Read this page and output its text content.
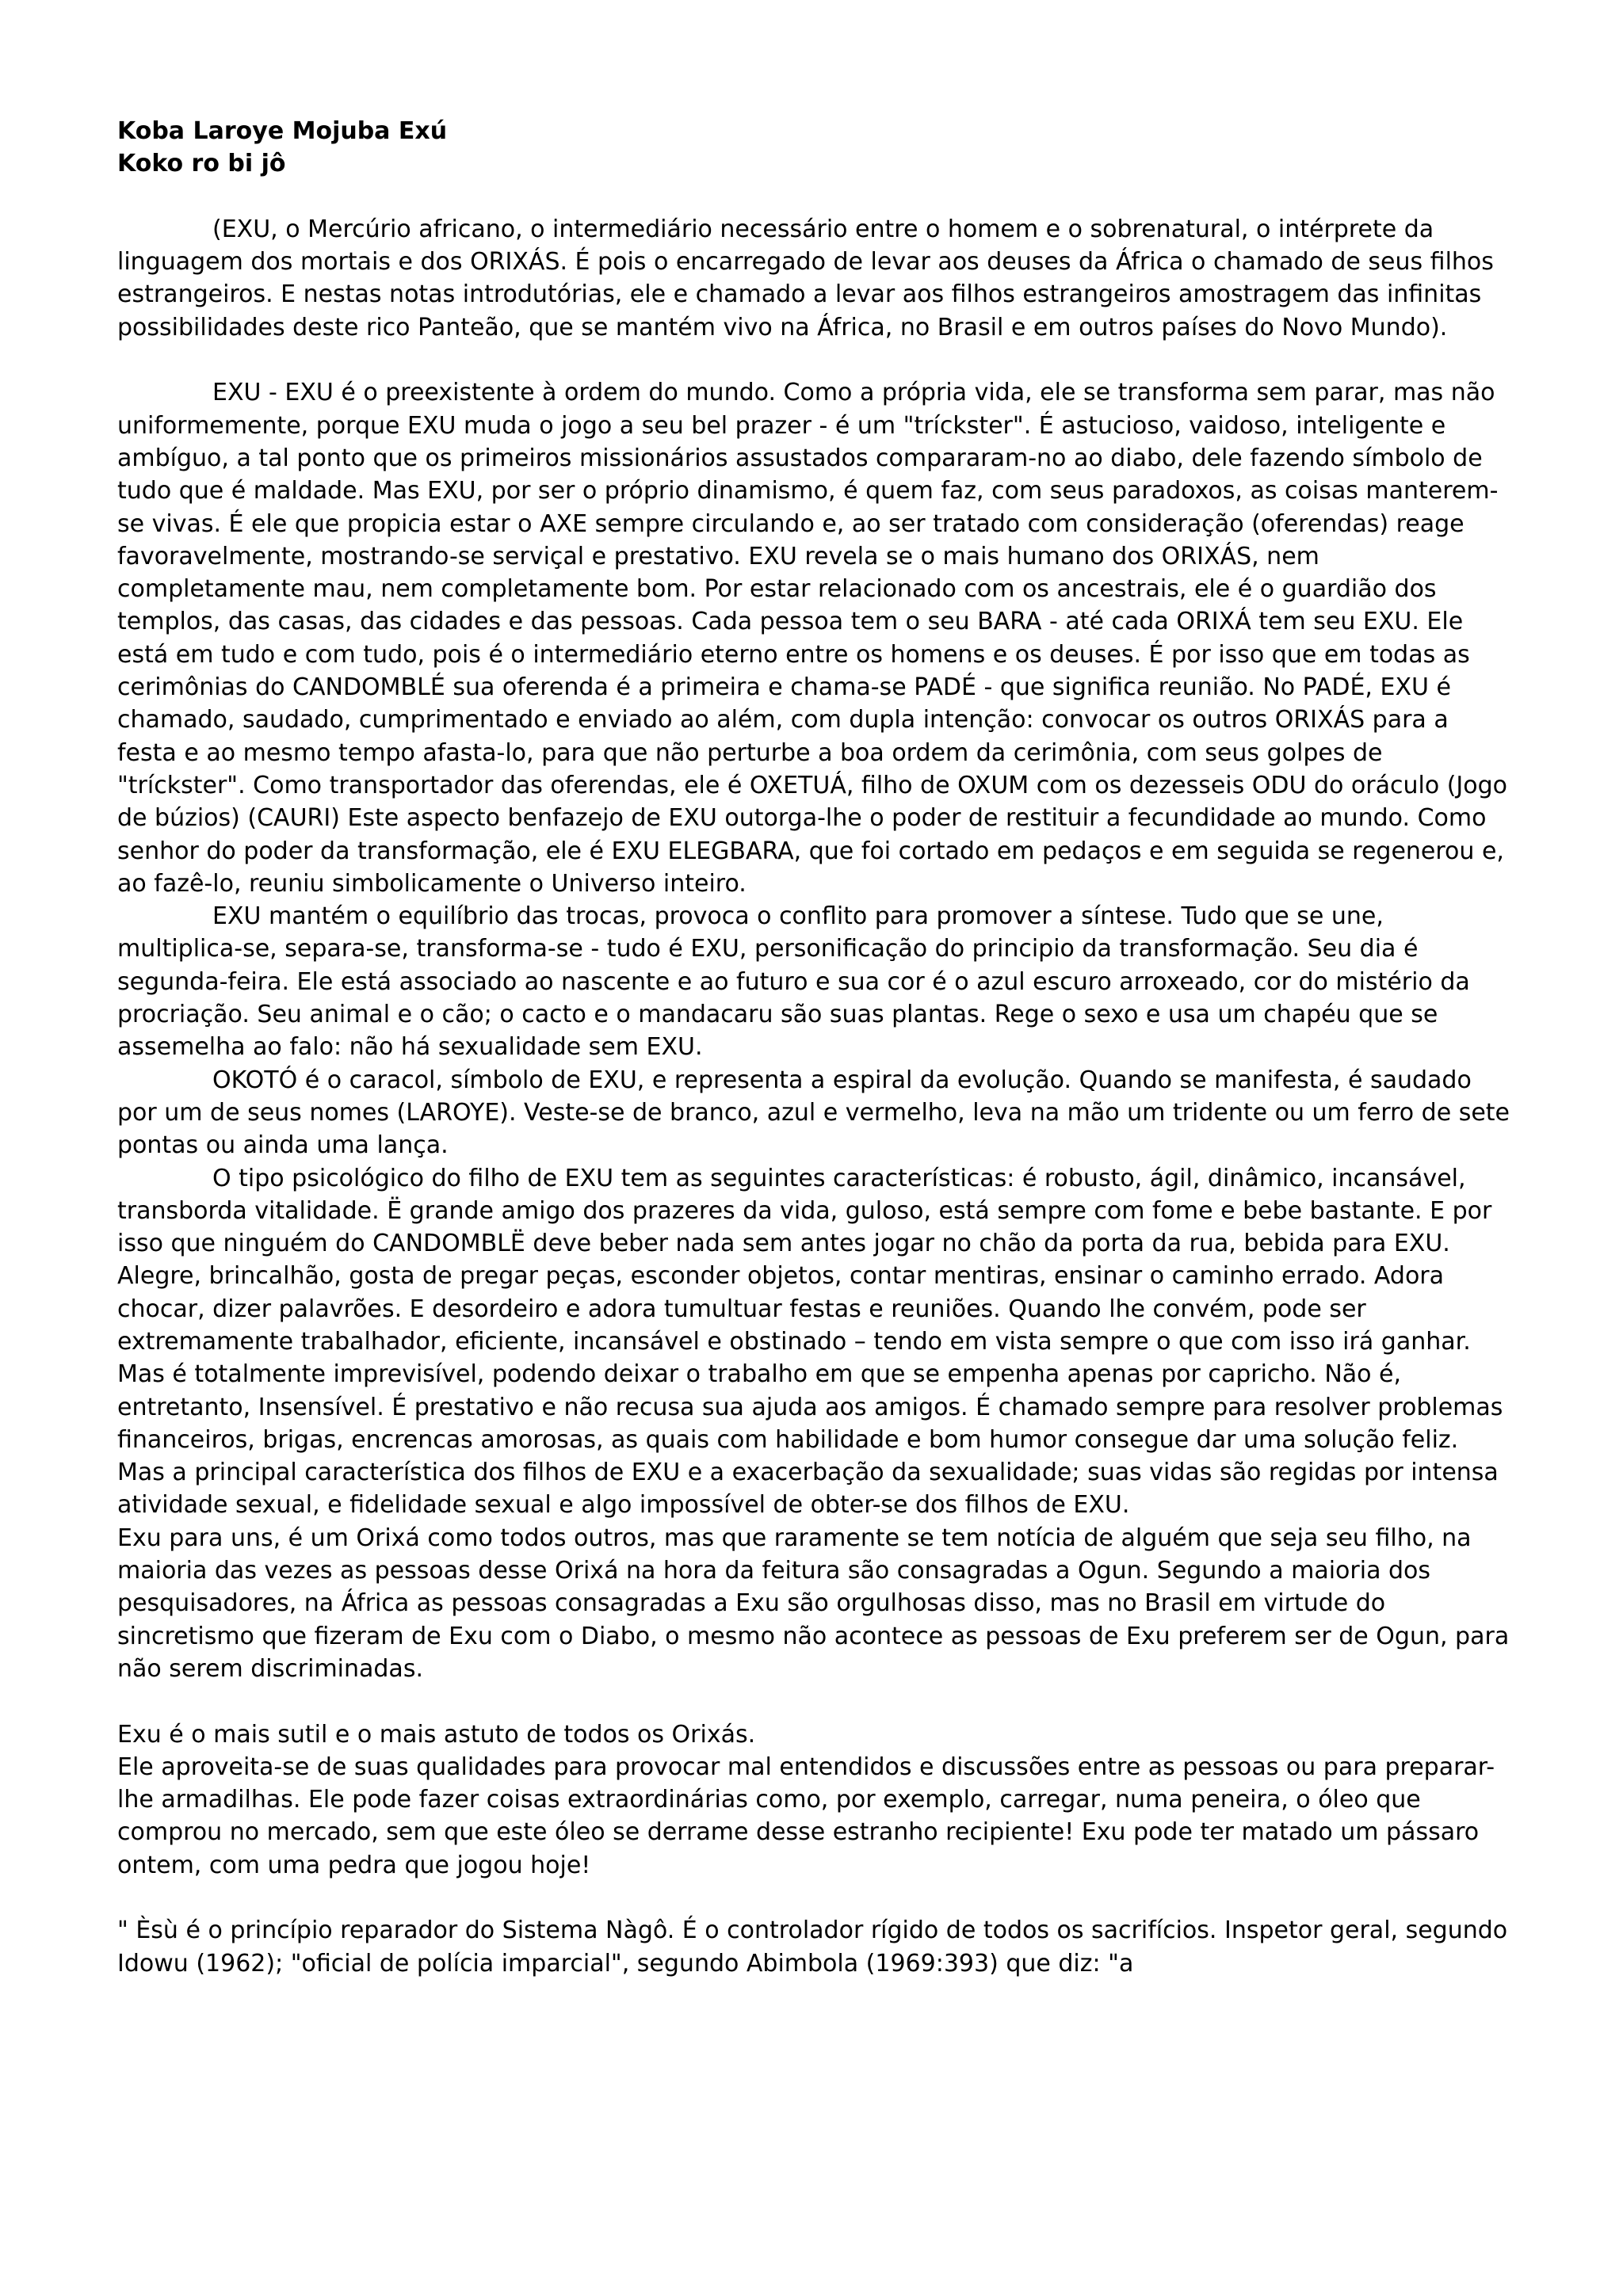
Koba Laroye Mojuba Exú

Koko ro bi jô

(EXU, o Mercúrio africano, o intermediário necessário entre o homem e o sobrenatural, o intérprete da linguagem dos mortais e dos ORIXÁS. É pois o encarregado de levar aos deuses da África o chamado de seus filhos estrangeiros. E nestas notas introdutórias, ele e chamado a levar aos filhos estrangeiros amostragem das infinitas possibilidades deste rico Panteão, que se mantém vivo na África, no Brasil e em outros países do Novo Mundo).

EXU - EXU é o preexistente à ordem do mundo. Como a própria vida, ele se transforma sem parar, mas não uniformemente, porque EXU muda o jogo a seu bel prazer - é um "tríckster". É astucioso, vaidoso, inteligente e ambíguo, a tal ponto que os primeiros missionários assustados compararam-no ao diabo, dele fazendo símbolo de tudo que é maldade. Mas EXU, por ser o próprio dinamismo, é quem faz, com seus paradoxos, as coisas manterem-se vivas. É ele que propicia estar o AXE sempre circulando e, ao ser tratado com consideração (oferendas) reage favoravelmente, mostrando-se serviçal e prestativo. EXU revela se o mais humano dos ORIXÁS, nem completamente mau, nem completamente bom. Por estar relacionado com os ancestrais, ele é o guardião dos templos, das casas, das cidades e das pessoas. Cada pessoa tem o seu BARA - até cada ORIXÁ tem seu EXU. Ele está em tudo e com tudo, pois é o intermediário eterno entre os homens e os deuses. É por isso que em todas as cerimônias do CANDOMBLÉ sua oferenda é a primeira e chama-se PADÉ - que significa reunião. No PADÉ, EXU é chamado, saudado, cumprimentado e enviado ao além, com dupla intenção: convocar os outros ORIXÁS para a festa e ao mesmo tempo afasta-lo, para que não perturbe a boa ordem da cerimônia, com seus golpes de "tríckster". Como transportador das oferendas, ele é OXETUÁ, filho de OXUM com os dezesseis ODU do oráculo (Jogo de búzios) (CAURI) Este aspecto benfazejo de EXU outorga-lhe o poder de restituir a fecundidade ao mundo. Como senhor do poder da transformação, ele é EXU ELEGBARA, que foi cortado em pedaços e em seguida se regenerou e, ao fazê-lo, reuniu simbolicamente o Universo inteiro.

EXU mantém o equilíbrio das trocas, provoca o conflito para promover a síntese. Tudo que se une, multiplica-se, separa-se, transforma-se - tudo é EXU, personificação do principio da transformação. Seu dia é segunda-feira. Ele está associado ao nascente e ao futuro e sua cor é o azul escuro arroxeado, cor do mistério da procriação. Seu animal e o cão; o cacto e o mandacaru são suas plantas. Rege o sexo e usa um chapéu que se assemelha ao falo: não há sexualidade sem EXU.

OKOTÓ é o caracol, símbolo de EXU, e representa a espiral da evolução. Quando se manifesta, é saudado por um de seus nomes (LAROYE). Veste-se de branco, azul e vermelho, leva na mão um tridente ou um ferro de sete pontas ou ainda uma lança.

O tipo psicológico do filho de EXU tem as seguintes características: é robusto, ágil, dinâmico, incansável, transborda vitalidade. Ë grande amigo dos prazeres da vida, guloso, está sempre com fome e bebe bastante. E por isso que ninguém do CANDOMBLË deve beber nada sem antes jogar no chão da porta da rua, bebida para EXU. Alegre, brincalhão, gosta de pregar peças, esconder objetos, contar mentiras, ensinar o caminho errado. Adora chocar, dizer palavrões. E desordeiro e adora tumultuar festas e reuniões. Quando lhe convém, pode ser extremamente trabalhador, eficiente, incansável e obstinado – tendo em vista sempre o que com isso irá ganhar. Mas é totalmente imprevisível, podendo deixar o trabalho em que se empenha apenas por capricho. Não é, entretanto, Insensível. É prestativo e não recusa sua ajuda aos amigos. É chamado sempre para resolver problemas financeiros, brigas, encrencas amorosas, as quais com habilidade e bom humor consegue dar uma solução feliz. Mas a principal característica dos filhos de EXU e a exacerbação da sexualidade; suas vidas são regidas por intensa atividade sexual, e fidelidade sexual e algo impossível de obter-se dos filhos de EXU.

Exu para uns, é um Orixá como todos outros, mas que raramente se tem notícia de alguém que seja seu filho, na maioria das vezes as pessoas desse Orixá na hora da feitura são consagradas a Ogun. Segundo a maioria dos pesquisadores, na África as pessoas consagradas a Exu são orgulhosas disso, mas no Brasil em virtude do sincretismo que fizeram de Exu com o Diabo, o mesmo não acontece as pessoas de Exu preferem ser de Ogun, para não serem discriminadas.

Exu é o mais sutil e o mais astuto de todos os Orixás.

Ele aproveita-se de suas qualidades para provocar mal entendidos e discussões entre as pessoas ou para preparar-lhe armadilhas. Ele pode fazer coisas extraordinárias como, por exemplo, carregar, numa peneira, o óleo que comprou no mercado, sem que este óleo se derrame desse estranho recipiente! Exu pode ter matado um pássaro ontem, com uma pedra que jogou hoje!

" Èsù é o princípio reparador do Sistema Nàgô. É o controlador rígido de todos os sacrifícios. Inspetor geral, segundo Idowu (1962); "oficial de polícia imparcial", segundo Abimbola (1969:393) que diz: "a
